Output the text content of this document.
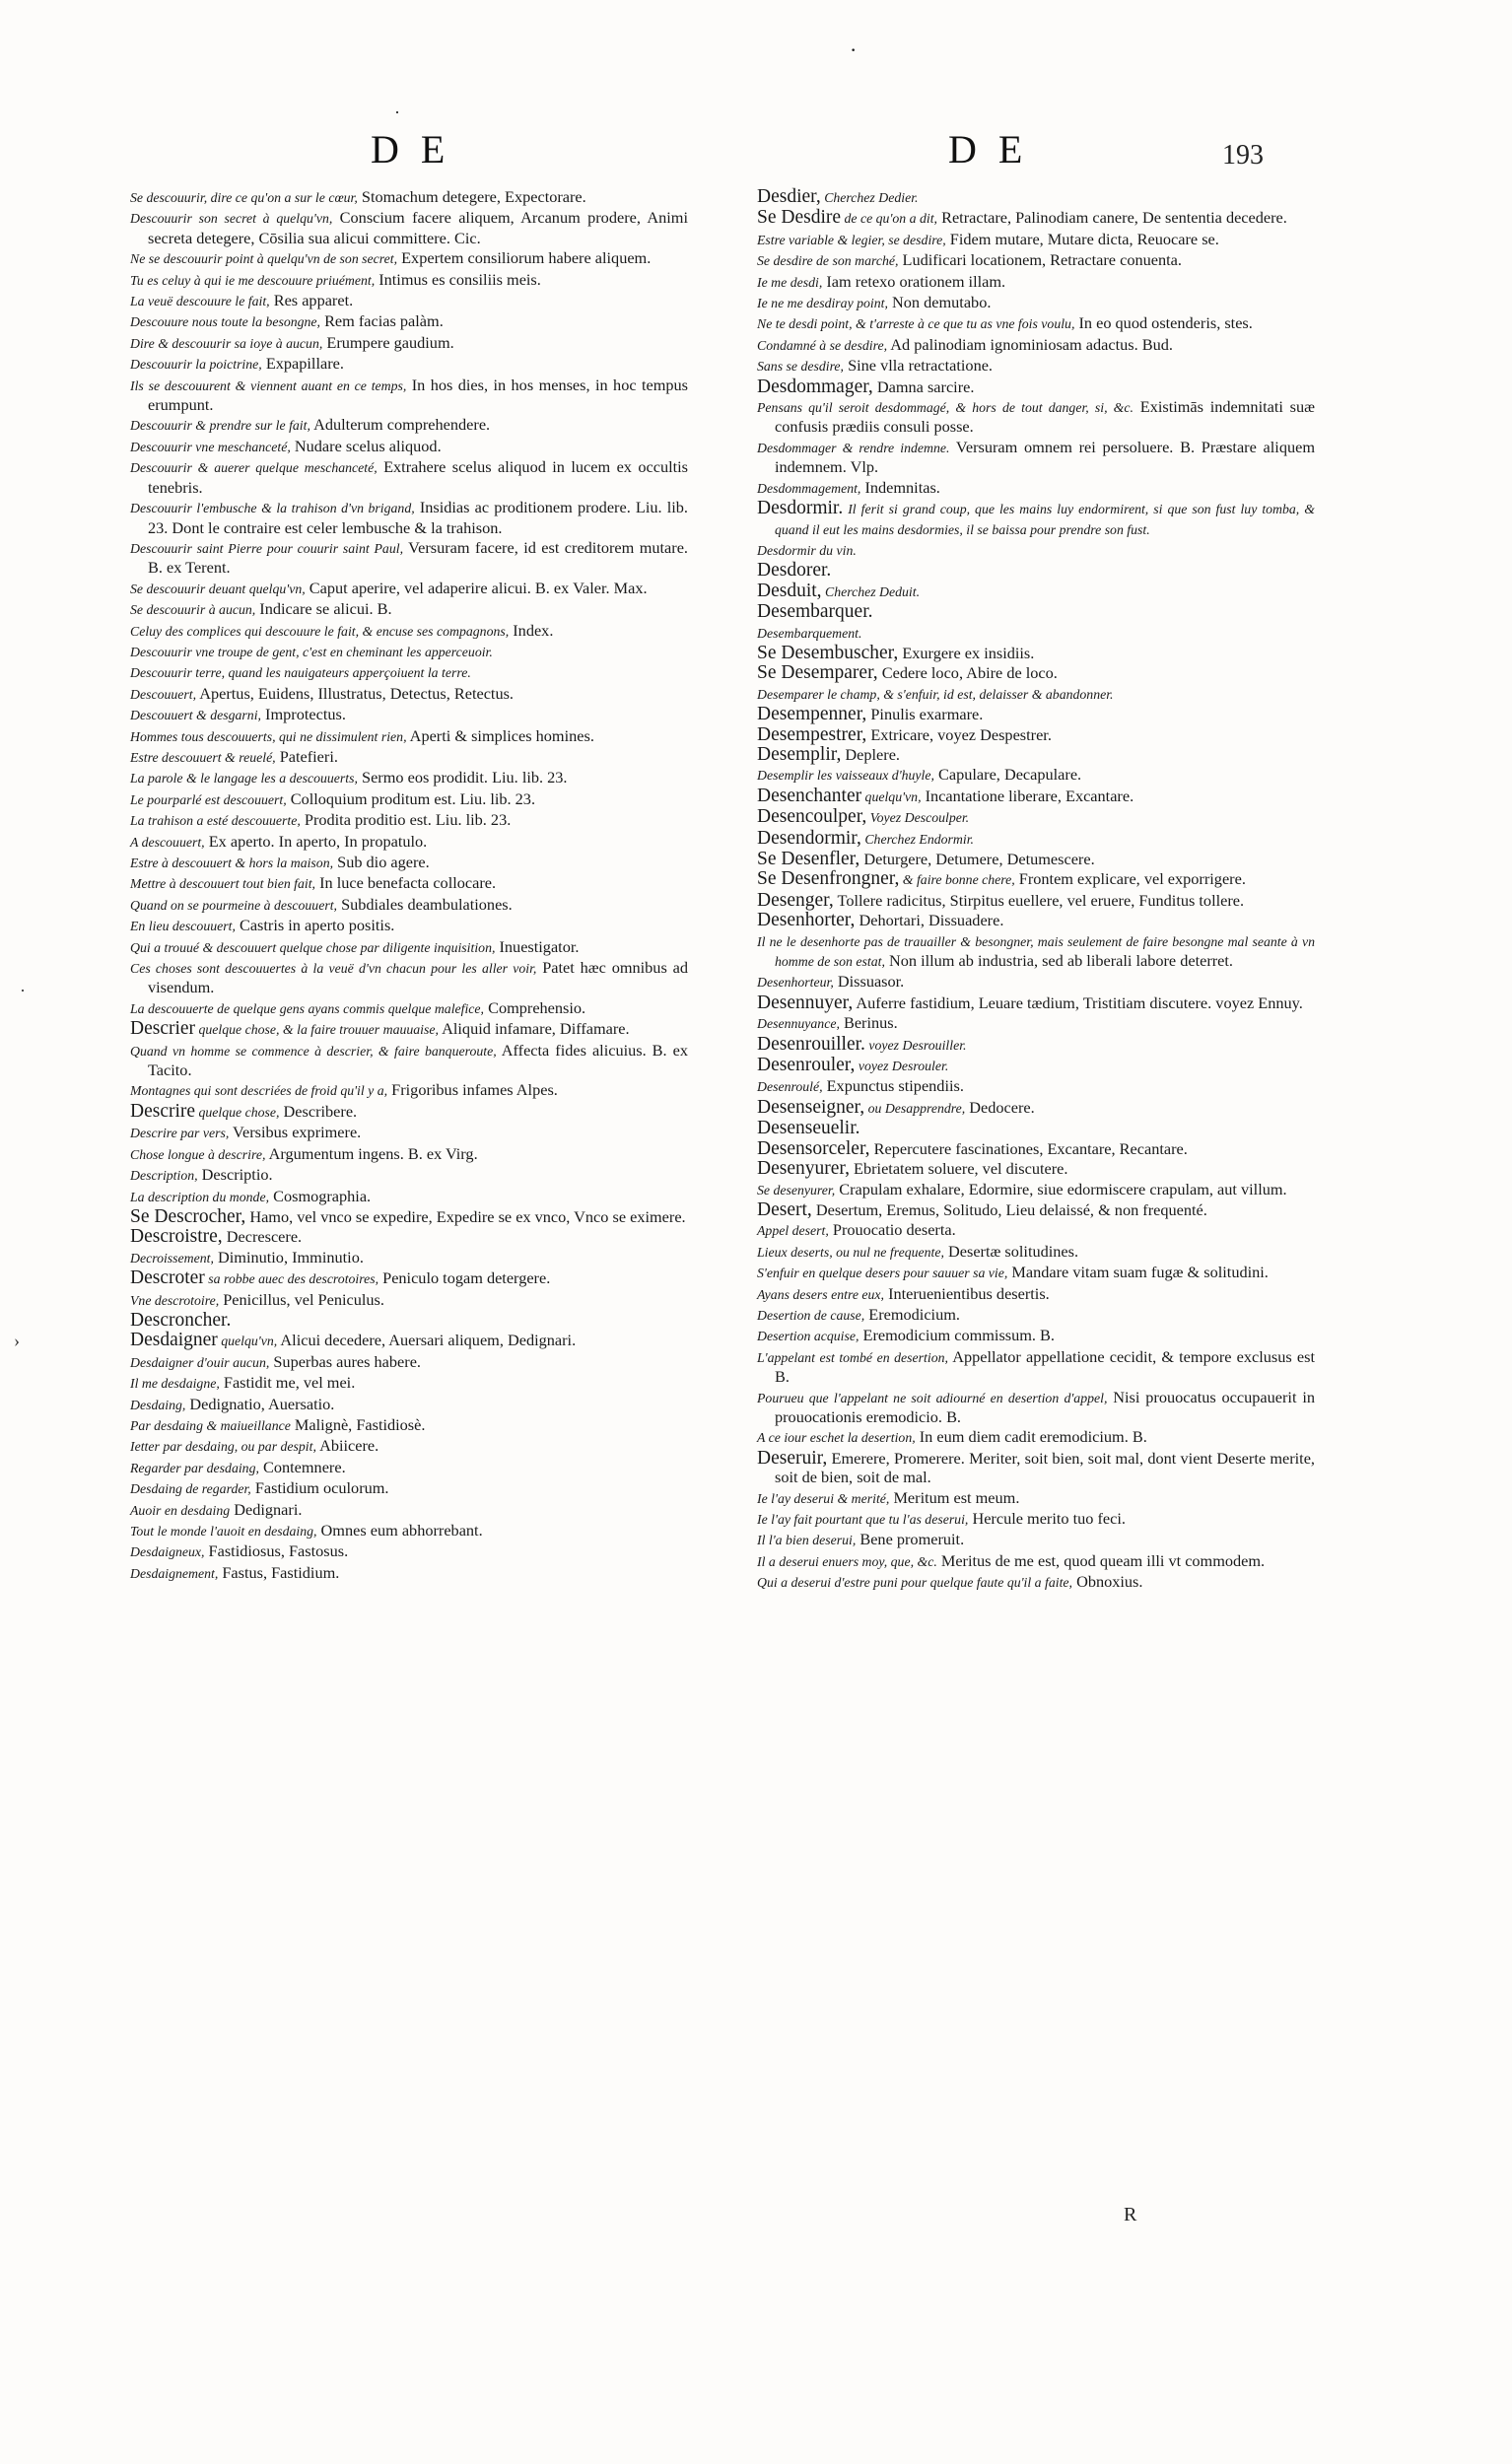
·
·
D E	D E	193

Se descouurir, dire ce qu'on a sur le cœur, Stomachum detegere, Expectorare.

Descouurir son secret à quelqu'vn, Conscium facere aliquem, Arcanum prodere, Animi secreta detegere, Cōsilia sua alicui committere. Cic.

Ne se descouurir point à quelqu'vn de son secret, Expertem consiliorum habere aliquem.

Tu es celuy à qui ie me descouure priuément, Intimus es consiliis meis.

La veuë descouure le fait, Res apparet.

Descouure nous toute la besongne, Rem facias palàm.

Dire & descouurir sa ioye à aucun, Erumpere gaudium.

Descouurir la poictrine, Expapillare.

Ils se descouurent & viennent auant en ce temps, In hos dies, in hos menses, in hoc tempus erumpunt.

Descouurir & prendre sur le fait, Adulterum comprehendere.

Descouurir vne meschanceté, Nudare scelus aliquod.

Descouurir & auerer quelque meschanceté, Extrahere scelus aliquod in lucem ex occultis tenebris.

Descouurir l'embusche & la trahison d'vn brigand, Insidias ac proditionem prodere. Liu. lib. 23. Dont le contraire est celer lembusche & la trahison.

Descouurir saint Pierre pour couurir saint Paul, Versuram facere, id est creditorem mutare. B. ex Terent.

Se descouurir deuant quelqu'vn, Caput aperire, vel adaperire alicui. B. ex Valer. Max.

Se descouurir à aucun, Indicare se alicui. B.

Celuy des complices qui descouure le fait, & encuse ses compagnons, Index.

Descouurir vne troupe de gent, c'est en cheminant les apperceuoir.

Descouurir terre, quand les nauigateurs apperçoiuent la terre.

Descouuert, Apertus, Euidens, Illustratus, Detectus, Retectus.

Descouuert & desgarni, Improtectus.

Hommes tous descouuerts, qui ne dissimulent rien, Aperti & simplices homines.

Estre descouuert & reuelé, Patefieri.

La parole & le langage les a descouuerts, Sermo eos prodidit. Liu. lib. 23.

Le pourparlé est descouuert, Colloquium proditum est. Liu. lib. 23.

La trahison a esté descouuerte, Prodita proditio est. Liu. lib. 23.

A descouuert, Ex aperto. In aperto, In propatulo.

Estre à descouuert & hors la maison, Sub dio agere.

Mettre à descouuert tout bien fait, In luce benefacta collocare.

Quand on se pourmeine à descouuert, Subdiales deambulationes.

En lieu descouuert, Castris in aperto positis.

Qui a trouué & descouuert quelque chose par diligente inquisition, Inuestigator.

Ces choses sont descouuertes à la veuë d'vn chacun pour les aller voir, Patet hæc omnibus ad visendum.

La descouuerte de quelque gens ayans commis quelque malefice, Comprehensio.

Descrier quelque chose, & la faire trouuer mauuaise, Aliquid infamare, Diffamare.

Quand vn homme se commence à descrier, & faire banqueroute, Affecta fides alicuius. B. ex Tacito.

Montagnes qui sont descriées de froid qu'il y a, Frigoribus infames Alpes.

Descrire quelque chose, Describere.

Descrire par vers, Versibus exprimere.

Chose longue à descrire, Argumentum ingens. B. ex Virg.

Description, Descriptio.

La description du monde, Cosmographia.

Se Descrocher, Hamo, vel vnco se expedire, Expedire se ex vnco, Vnco se eximere.

Descroistre, Decrescere.

Decroissement, Diminutio, Imminutio.

Descroter sa robbe auec des descrotoires, Peniculo togam detergere.

Vne descrotoire, Penicillus, vel Peniculus.

Descroncher.

Desdaigner quelqu'vn, Alicui decedere, Auersari aliquem, Dedignari.

Desdaigner d'ouir aucun, Superbas aures habere.

Il me desdaigne, Fastidit me, vel mei.

Desdaing, Dedignatio, Auersatio.

Par desdaing & maiueillance Malignè, Fastidiosè.

Ietter par desdaing, ou par despit, Abiicere.

Regarder par desdaing, Contemnere.

Desdaing de regarder, Fastidium oculorum.

Auoir en desdaing Dedignari.

Tout le monde l'auoit en desdaing, Omnes eum abhorrebant.

Desdaigneux, Fastidiosus, Fastosus.

Desdaignement, Fastus, Fastidium.

Desdier, Cherchez Dedier.

Se Desdire de ce qu'on a dit, Retractare, Palinodiam canere, De sententia decedere.

Estre variable & legier, se desdire, Fidem mutare, Mutare dicta, Reuocare se.

Se desdire de son marché, Ludificari locationem, Retractare conuenta.

Ie me desdi, Iam retexo orationem illam.

Ie ne me desdiray point, Non demutabo.

Ne te desdi point, & t'arreste à ce que tu as vne fois voulu, In eo quod ostenderis, stes.

Condamné à se desdire, Ad palinodiam ignominiosam adactus. Bud.

Sans se desdire, Sine vlla retractatione.

Desdommager, Damna sarcire.

Pensans qu'il seroit desdommagé, & hors de tout danger, si, &c. Existimās indemnitati suæ confusis prædiis consuli posse.

Desdommager & rendre indemne. Versuram omnem rei persoluere. B. Præstare aliquem indemnem. Vlp.

Desdommagement, Indemnitas.

Desdormir. Il ferit si grand coup, que les mains luy endormirent, si que son fust luy tomba, & quand il eut les mains desdormies, il se baissa pour prendre son fust.

Desdormir du vin.

Desdorer.

Desduit, Cherchez Deduit.

Desembarquer.

Desembarquement.

Se Desembuscher, Exurgere ex insidiis.

Se Desemparer, Cedere loco, Abire de loco.

Desemparer le champ, & s'enfuir, id est, delaisser & abandonner.

Desempenner, Pinulis exarmare.

Desempestrer, Extricare, voyez Despestrer.

Desemplir, Deplere.

Desemplir les vaisseaux d'huyle, Capulare, Decapulare.

Desenchanter quelqu'vn, Incantatione liberare, Excantare.

Desencoulper, Voyez Descoulper.

Desendormir, Cherchez Endormir.

Se Desenfler, Deturgere, Detumere, Detumescere.

Se Desenfrongner, & faire bonne chere, Frontem explicare, vel exporrigere.

Desenger, Tollere radicitus, Stirpitus euellere, vel eruere, Funditus tollere.

Desenhorter, Dehortari, Dissuadere.

Il ne le desenhorte pas de trauailler & besongner, mais seulement de faire besongne mal seante à vn homme de son estat, Non illum ab industria, sed ab liberali labore deterret.

Desenhorteur, Dissuasor.

Desennuyer, Auferre fastidium, Leuare tædium, Tristitiam discutere. voyez Ennuy.

Desennuyance, Berinus.

Desenrouiller. voyez Desrouiller.

Desenrouler, voyez Desrouler.

Desenroulé, Expunctus stipendiis.

Desenseigner, ou Desapprendre, Dedocere.

Desenseuelir.

Desensorceler, Repercutere fascinationes, Excantare, Recantare.

Desenyurer, Ebrietatem soluere, vel discutere.

Se desenyurer, Crapulam exhalare, Edormire, siue edormiscere crapulam, aut villum.

Desert, Desertum, Eremus, Solitudo, Lieu delaissé, & non frequenté.

Appel desert, Prouocatio deserta.

Lieux deserts, ou nul ne frequente, Desertæ solitudines.

S'enfuir en quelque desers pour sauuer sa vie, Mandare vitam suam fugæ & solitudini.

Ayans desers entre eux, Interuenientibus desertis.

Desertion de cause, Eremodicium.

Desertion acquise, Eremodicium commissum. B.

L'appelant est tombé en desertion, Appellator appellatione cecidit, & tempore exclusus est B.

Pourueu que l'appelant ne soit adiourné en desertion d'appel, Nisi prouocatus occupauerit in prouocationis eremodicio. B.

A ce iour eschet la desertion, In eum diem cadit eremodicium. B.

Deseruir, Emerere, Promerere. Meriter, soit bien, soit mal, dont vient Deserte merite, soit de bien, soit de mal.

Ie l'ay deserui & merité, Meritum est meum.

Ie l'ay fait pourtant que tu l'as deserui, Hercule merito tuo feci.

Il l'a bien deserui, Bene promeruit.

Il a deserui enuers moy, que, &c. Meritus de me est, quod queam illi vt commodem.

Qui a deserui d'estre puni pour quelque faute qu'il a faite, Obnoxius.

·
›
R
